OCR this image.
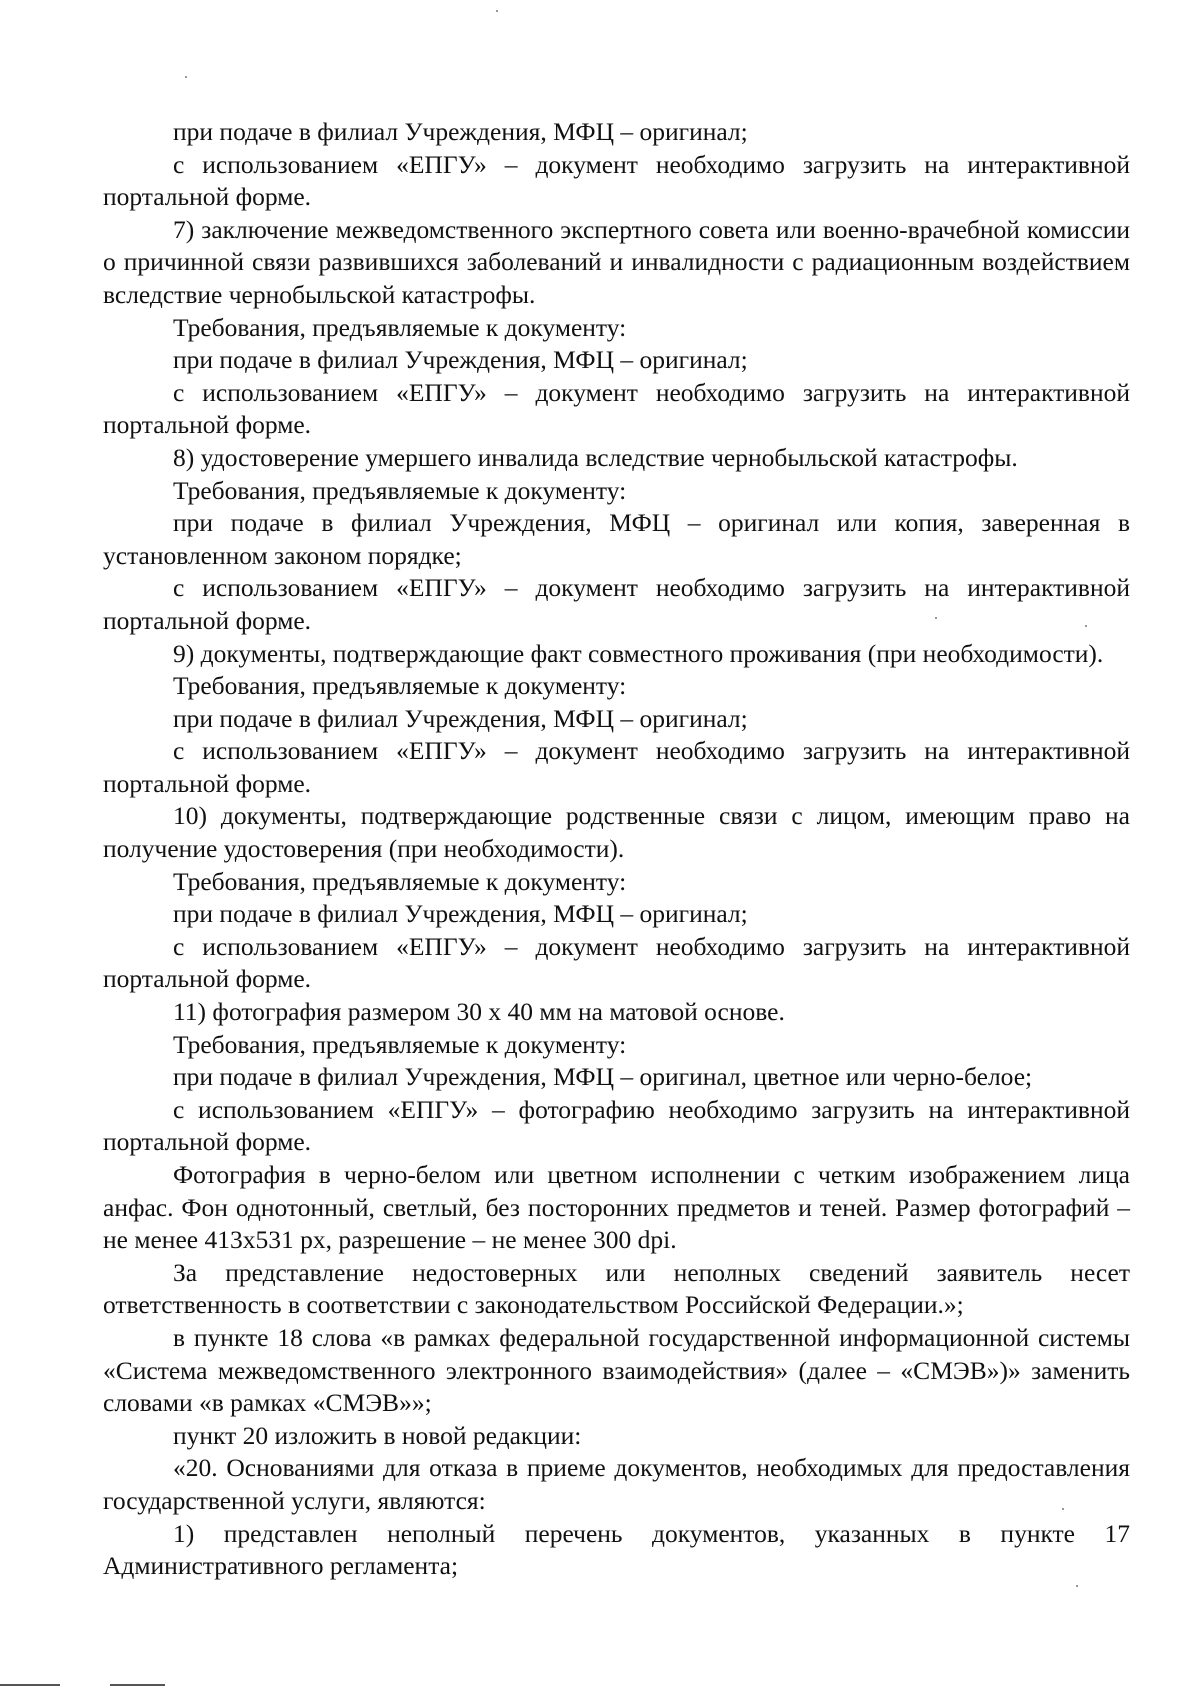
при подаче в филиал Учреждения, МФЦ – оригинал;

с использованием «ЕПГУ» – документ необходимо загрузить на интерактивной портальной форме.

7) заключение межведомственного экспертного совета или военно-врачебной комиссии о причинной связи развившихся заболеваний и инвалидности с радиационным воздействием вследствие чернобыльской катастрофы.

Требования, предъявляемые к документу:

при подаче в филиал Учреждения, МФЦ – оригинал;

с использованием «ЕПГУ» – документ необходимо загрузить на интерактивной портальной форме.

8) удостоверение умершего инвалида вследствие чернобыльской катастрофы.

Требования, предъявляемые к документу:

при подаче в филиал Учреждения, МФЦ – оригинал или копия, заверенная в установленном законом порядке;

с использованием «ЕПГУ» – документ необходимо загрузить на интерактивной портальной форме.

9) документы, подтверждающие факт совместного проживания (при необходимости).

Требования, предъявляемые к документу:

при подаче в филиал Учреждения, МФЦ – оригинал;

с использованием «ЕПГУ» – документ необходимо загрузить на интерактивной портальной форме.

10) документы, подтверждающие родственные связи с лицом, имеющим право на получение удостоверения (при необходимости).

Требования, предъявляемые к документу:

при подаче в филиал Учреждения, МФЦ – оригинал;

с использованием «ЕПГУ» – документ необходимо загрузить на интерактивной портальной форме.

11) фотография размером 30 х 40 мм на матовой основе.

Требования, предъявляемые к документу:

при подаче в филиал Учреждения, МФЦ – оригинал, цветное или черно-белое;

с использованием «ЕПГУ» – фотографию необходимо загрузить на интерактивной портальной форме.

Фотография в черно-белом или цветном исполнении с четким изображением лица анфас. Фон однотонный, светлый, без посторонних предметов и теней. Размер фотографий – не менее 413x531 px, разрешение – не менее 300 dpi.

За представление недостоверных или неполных сведений заявитель несет ответственность в соответствии с законодательством Российской Федерации.»;

в пункте 18 слова «в рамках федеральной государственной информационной системы «Система межведомственного электронного взаимодействия» (далее – «СМЭВ»)» заменить словами «в рамках «СМЭВ»»;

пункт 20 изложить в новой редакции:

«20. Основаниями для отказа в приеме документов, необходимых для предоставления государственной услуги, являются:

1) представлен неполный перечень документов, указанных в пункте 17 Административного регламента;
